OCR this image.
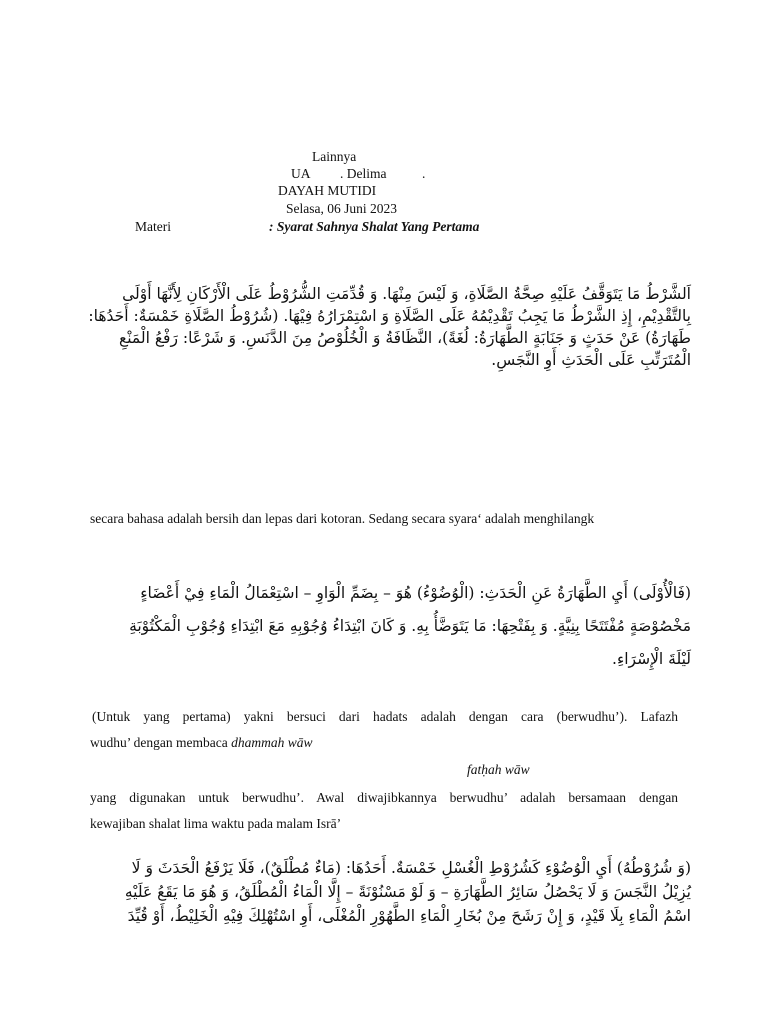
Lainnya
UA . Delima	.
DAYAH MUTIDI
Selasa, 06 Juni 2023
Materi	: Syarat Sahnya Shalat Yang Pertama
اَلشَّرْطُ مَا يَتَوَقَّفُ عَلَيْهِ صِحَّةُ الصَّلَاةِ، وَ لَيْسَ مِنْهَا. وَ قُدِّمَتِ الشُّرُوْطُ عَلَى الْأَرْكَانِ لِأَنَّهَا أَوْلَى
بِالتَّقْدِيْمِ، إِذِ الشَّرْطُ مَا يَجِبُ تَقْدِيْمُهُ عَلَى الصَّلَاةِ وَ اسْتِمْرَارُهُ فِيْهَا. (شُرُوْطُ الصَّلَاةِ خَمْسَةٌ: أَحَدُهَا:
طَهَارَةُ) عَنْ حَدَثٍ وَ جَنَابَةٍ الطَّهَارَةُ: لُغَةً)، النَّظَافَةُ وَ الْخُلُوْصُ مِنَ الدَّنَسِ. وَ شَرْعًا: رَفْعُ الْمَنْعِ
الْمُتَرَتِّبِ عَلَى الْحَدَثِ أَوِ النَّجَسِ.
secara bahasa adalah bersih dan lepas dari kotoran. Sedang secara syara‘ adalah menghilangk
(فَالْأُوْلَى) أَيِ الطَّهَارَةُ عَنِ الْحَدَثِ: (الْوُضُوْءُ) هُوَ – بِضَمِّ الْوَاوِ – اسْتِعْمَالُ الْمَاءِ فِيْ أَعْضَاءٍ
مَخْصُوْصَةٍ مُفْتَتَحًا بِنِيَّةٍ. وَ بِفَتْحِهَا: مَا يَتَوَضَّأُ بِهِ. وَ كَانَ ابْتِدَاءُ وُجُوْبِهِ مَعَ ابْتِدَاءِ وُجُوْبِ الْمَكْتُوْبَةِ
لَيْلَةَ الْإِسْرَاءِ.
(Untuk yang pertama) yakni bersuci dari hadats adalah dengan cara (berwudhu’). Lafazh
wudhu’ dengan membaca dhammah wāw
fatḥah wāw
yang digunakan untuk berwudhu’. Awal diwajibkannya berwudhu’ adalah bersamaan dengan
kewajiban shalat lima waktu pada malam Isrā’
(وَ شُرُوْطُهُ) أَيِ الْوُضُوْءِ كَشُرُوْطِ الْغُسْلِ خَمْسَةٌ. أَحَدُهَا: (مَاءٌ مُطْلَقٌ)، فَلَا يَرْفَعُ الْحَدَثَ وَ لَا
يُزِيْلُ النَّجَسَ وَ لَا يَحْصُلُ سَائِرُ الطَّهَارَةِ – وَ لَوْ مَسْنُوْنَةً – إِلَّا الْمَاءُ الْمُطْلَقُ، وَ هُوَ مَا يَقَعُ عَلَيْهِ
اسْمُ الْمَاءِ بِلَا قَيْدٍ، وَ إِنْ رَشَحَ مِنْ بُخَارِ الْمَاءِ الطَّهُوْرِ الْمُغْلَى، أَوِ اسْتُهْلِكَ فِيْهِ الْخَلِيْطُ، أَوْ قُيِّدَ
